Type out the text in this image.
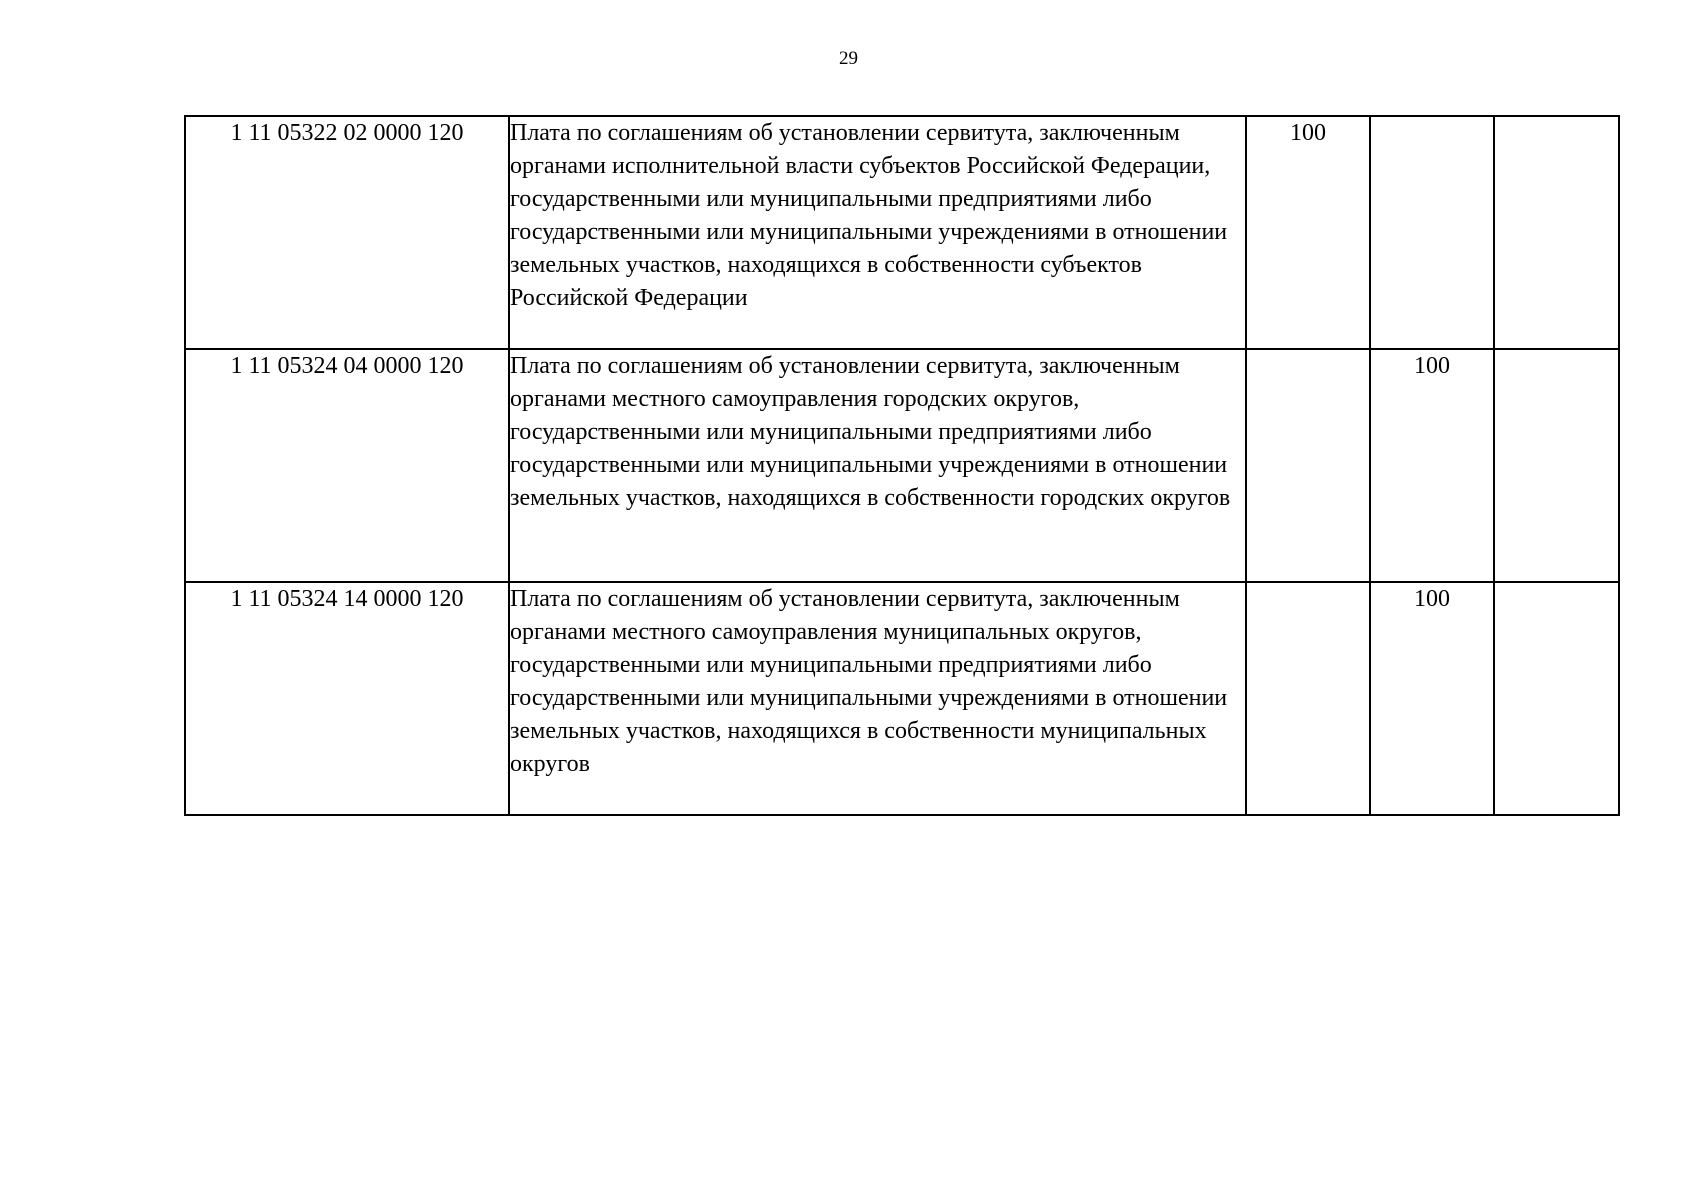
29
1 11 05322 02 0000 120	Плата по соглашениям об установлении сервитута, заключенным органами исполнительной власти субъектов Российской Федерации, государственными или муниципальными предприятиями либо государственными или муниципальными учреждениями в отношении земельных участков, находящихся в собственности субъектов Российской Федерации	100		
1 11 05324 04 0000 120	Плата по соглашениям об установлении сервитута, заключенным органами местного самоуправления городских округов, государственными или муниципальными предприятиями либо государственными или муниципальными учреждениями в отношении земельных участков, находящихся в собственности городских округов		100	
1 11 05324 14 0000 120	Плата по соглашениям об установлении сервитута, заключенным органами местного самоуправления муниципальных округов, государственными или муниципальными предприятиями либо государственными или муниципальными учреждениями в отношении земельных участков, находящихся в собственности муниципальных округов		100	
